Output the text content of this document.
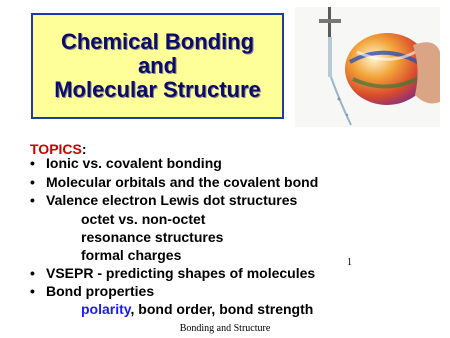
Chemical Bonding
and
Molecular Structure
TOPICS:
• Ionic vs. covalent bonding
• Molecular orbitals and the covalent bond
• Valence electron Lewis dot structures
octet vs. non-octet
resonance structures
formal charges
• VSEPR - predicting shapes of molecules
• Bond properties
polarity, bond order, bond strength
1
Bonding and Structure
